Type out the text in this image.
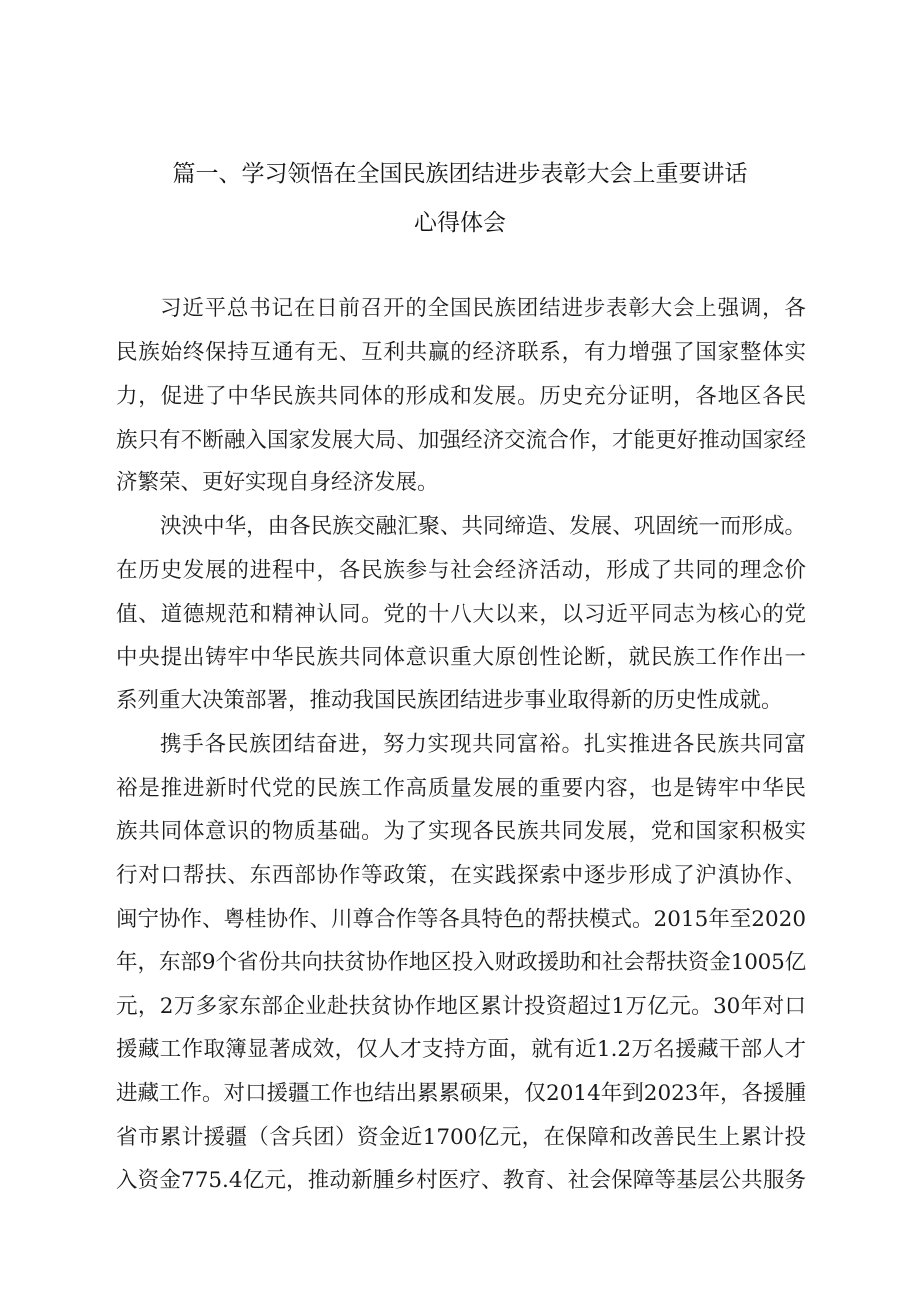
篇一、学习领悟在全国民族团结进步表彰大会上重要讲话
心得体会
习近平总书记在日前召开的全国民族团结进步表彰大会上强调，各
民族始终保持互通有无、互利共赢的经济联系，有力增强了国家整体实
力，促进了中华民族共同体的形成和发展。历史充分证明，各地区各民
族只有不断融入国家发展大局、加强经济交流合作，才能更好推动国家经
济繁荣、更好实现自身经济发展。
泱泱中华，由各民族交融汇聚、共同缔造、发展、巩固统一而形成。
在历史发展的进程中，各民族参与社会经济活动，形成了共同的理念价
值、道德规范和精神认同。党的十八大以来，以习近平同志为核心的党
中央提出铸牢中华民族共同体意识重大原创性论断，就民族工作作出一
系列重大决策部署，推动我国民族团结进步事业取得新的历史性成就。
携手各民族团结奋进，努力实现共同富裕。扎实推进各民族共同富
裕是推进新时代党的民族工作高质量发展的重要内容，也是铸牢中华民
族共同体意识的物质基础。为了实现各民族共同发展，党和国家积极实
行对口帮扶、东西部协作等政策，在实践探索中逐步形成了沪滇协作、
闽宁协作、粤桂协作、川尊合作等各具特色的帮扶模式。2015年至2020
年，东部9个省份共向扶贫协作地区投入财政援助和社会帮扶资金1005亿
元，2万多家东部企业赴扶贫协作地区累计投资超过1万亿元。30年对口
援藏工作取簿显著成效，仅人才支持方面，就有近1.2万名援藏干部人才
进藏工作。对口援疆工作也结出累累硕果，仅2014年到2023年，各援腫
省市累计援疆（含兵团）资金近1700亿元，在保障和改善民生上累计投
入资金775.4亿元，推动新腫乡村医疗、教育、社会保障等基层公共服务
